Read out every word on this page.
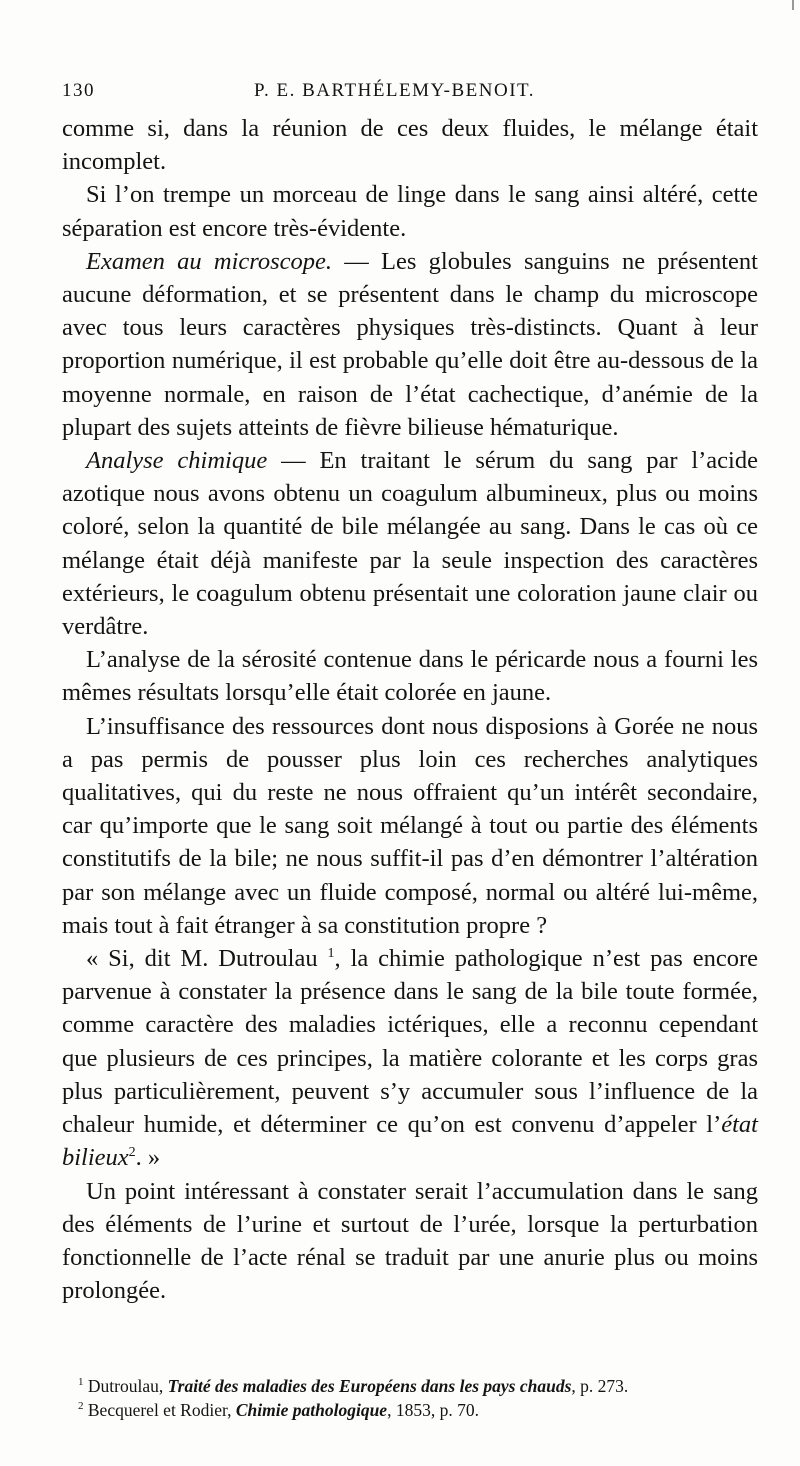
130	P. E. BARTHÉLEMY-BENOIT.

comme si, dans la réunion de ces deux fluides, le mélange était incomplet.

Si l’on trempe un morceau de linge dans le sang ainsi altéré, cette séparation est encore très-évidente.

Examen au microscope. — Les globules sanguins ne présentent aucune déformation, et se présentent dans le champ du microscope avec tous leurs caractères physiques très-distincts. Quant à leur proportion numérique, il est probable qu’elle doit être au-dessous de la moyenne normale, en raison de l’état cachectique, d’anémie de la plupart des sujets atteints de fièvre bilieuse hématurique.

Analyse chimique — En traitant le sérum du sang par l’acide azotique nous avons obtenu un coagulum albumineux, plus ou moins coloré, selon la quantité de bile mélangée au sang. Dans le cas où ce mélange était déjà manifeste par la seule inspection des caractères extérieurs, le coagulum obtenu présentait une coloration jaune clair ou verdâtre.

L’analyse de la sérosité contenue dans le péricarde nous a fourni les mêmes résultats lorsqu’elle était colorée en jaune.

L’insuffisance des ressources dont nous disposions à Gorée ne nous a pas permis de pousser plus loin ces recherches analytiques qualitatives, qui du reste ne nous offraient qu’un intérêt secondaire, car qu’importe que le sang soit mélangé à tout ou partie des éléments constitutifs de la bile; ne nous suffit-il pas d’en démontrer l’altération par son mélange avec un fluide composé, normal ou altéré lui-même, mais tout à fait étranger à sa constitution propre ?

« Si, dit M. Dutroulau $^1$, la chimie pathologique n’est pas encore parvenue à constater la présence dans le sang de la bile toute formée, comme caractère des maladies ictériques, elle a reconnu cependant que plusieurs de ces principes, la matière colorante et les corps gras plus particulièrement, peuvent s’y accumuler sous l’influence de la chaleur humide, et déterminer ce qu’on est convenu d’appeler l’état bilieux$^2$. »

Un point intéressant à constater serait l’accumulation dans le sang des éléments de l’urine et surtout de l’urée, lorsque la perturbation fonctionnelle de l’acte rénal se traduit par une anurie plus ou moins prolongée.

$^1$ Dutroulau, Traité des maladies des Européens dans les pays chauds, p. 273.
$^2$ Becquerel et Rodier, Chimie pathologique, 1853, p. 70.
